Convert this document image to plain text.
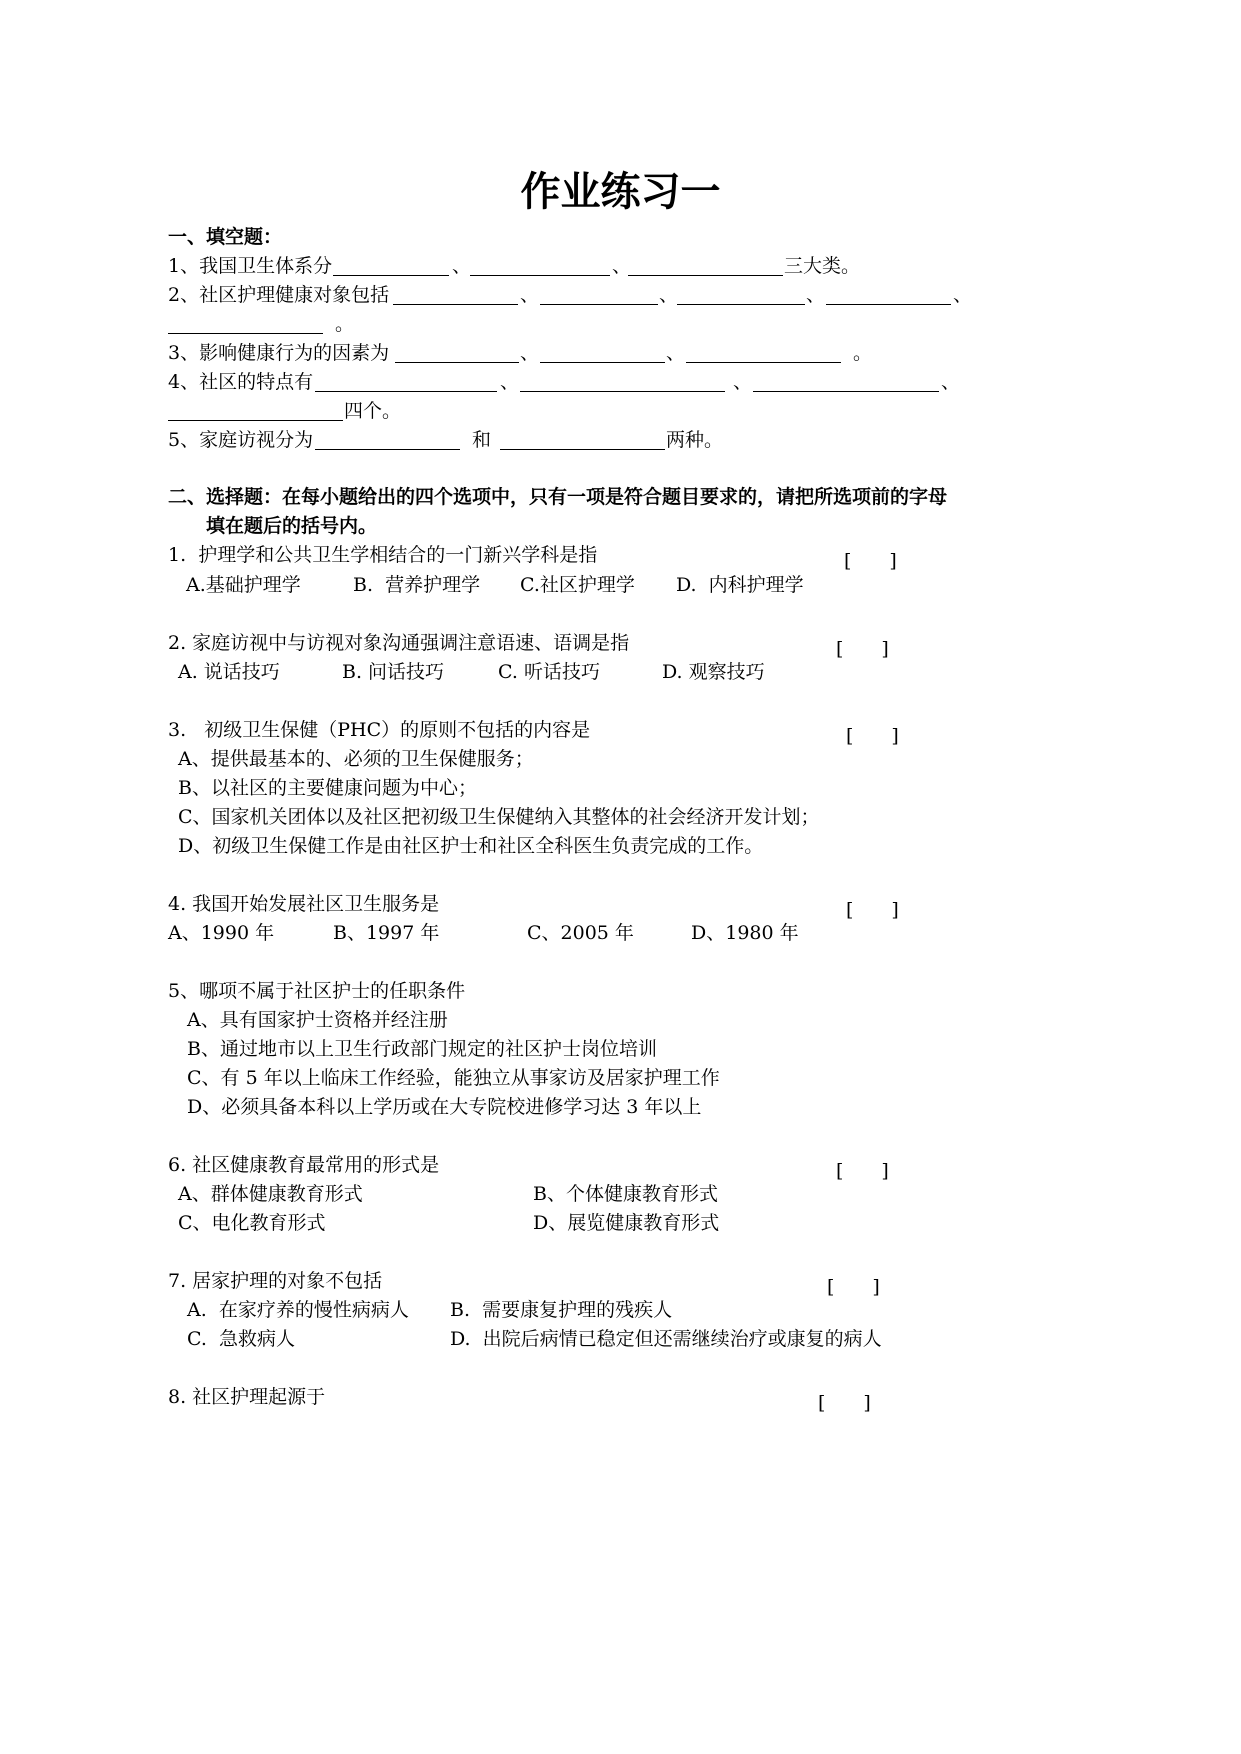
作业练习一
一、填空题：
1、我国卫生体系分	、	、	三大类。
2、社区护理健康对象包括	、	、	、	、
。
3、影响健康行为的因素为	、	、	。
4、社区的特点有	、	、	、
四个。
5、家庭访视分为	和	两种。
二、选择题：在每小题给出的四个选项中，只有一项是符合题目要求的，请把所选项前的字母
填在题后的括号内。
1.  护理学和公共卫生学相结合的一门新兴学科是指	[　　]
A.基础护理学	B.  营养护理学 C.社区护理学 D.  内科护理学
2. 家庭访视中与访视对象沟通强调注意语速、语调是指	[　　]
A. 说话技巧	B. 问话技巧	C. 听话技巧	D. 观察技巧
3.   初级卫生保健（PHC）的原则不包括的内容是	[　　]
A、提供最基本的、必须的卫生保健服务；
B、以社区的主要健康问题为中心；
C、国家机关团体以及社区把初级卫生保健纳入其整体的社会经济开发计划；
D、初级卫生保健工作是由社区护士和社区全科医生负责完成的工作。
4. 我国开始发展社区卫生服务是	[　　]
A、1990 年	B、1997 年	C、2005 年	D、1980 年
5、哪项不属于社区护士的任职条件
A、具有国家护士资格并经注册
B、通过地市以上卫生行政部门规定的社区护士岗位培训
C、有 5 年以上临床工作经验，能独立从事家访及居家护理工作
D、必须具备本科以上学历或在大专院校进修学习达 3 年以上
6. 社区健康教育最常用的形式是	[　　]
A、群体健康教育形式	B、个体健康教育形式
C、电化教育形式	D、展览健康教育形式
7. 居家护理的对象不包括	[　　]
A.  在家疗养的慢性病病人 B.  需要康复护理的残疾人
C.  急救病人	D.  出院后病情已稳定但还需继续治疗或康复的病人
8. 社区护理起源于	[　　]
